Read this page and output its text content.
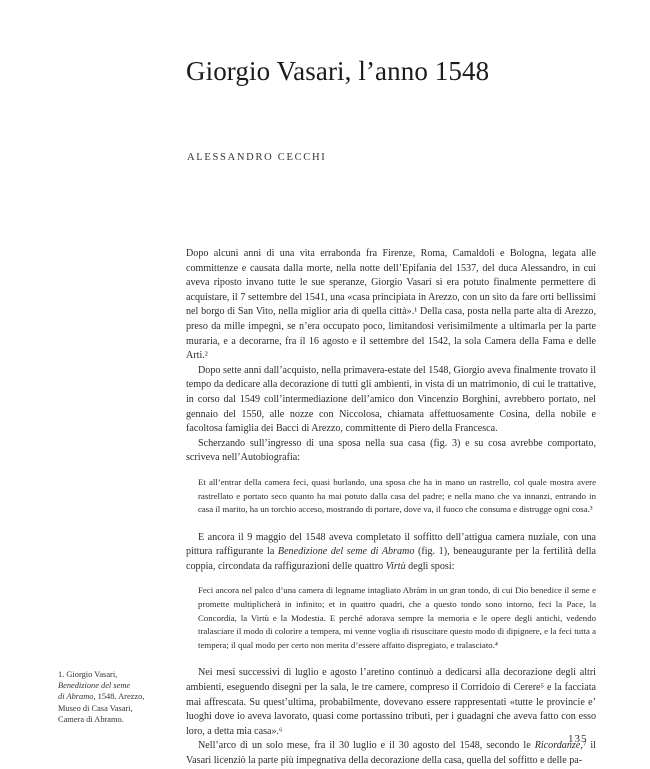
Giorgio Vasari, l’anno 1548
ALESSANDRO CECCHI

Dopo alcuni anni di una vita errabonda fra Firenze, Roma, Camaldoli e Bologna, legata alle committenze e causata dalla morte, nella notte dell’Epifania del 1537, del duca Alessandro, in cui aveva riposto invano tutte le sue speranze, Giorgio Vasari si era potuto finalmente permettere di acquistare, il 7 settembre del 1541, una «casa principiata in Arezzo, con un sito da fare orti bellissimi nel borgo di San Vito, nella miglior aria di quella città».¹ Della casa, posta nella parte alta di Arezzo, preso da mille impegni, se n’era occupato poco, limitandosi verisimilmente a ultimarla per la parte muraria, e a decorarne, fra il 16 agosto e il settembre del 1542, la sola Camera della Fama e delle Arti.²

Dopo sette anni dall’acquisto, nella primavera-estate del 1548, Giorgio aveva finalmente trovato il tempo da dedicare alla decorazione di tutti gli ambienti, in vista di un matrimonio, di cui le trattative, in corso dal 1549 coll’intermediazione dell’amico don Vincenzio Borghini, avrebbero portato, nel gennaio del 1550, alle nozze con Niccolosa, chiamata affettuosamente Cosina, della nobile e facoltosa famiglia dei Bacci di Arezzo, committente di Piero della Francesca.

Scherzando sull’ingresso di una sposa nella sua casa (fig. 3) e su cosa avrebbe comportato, scriveva nell’Autobiografia:

Et all’entrar della camera feci, quasi burlando, una sposa che ha in mano un rastrello, col quale mostra avere rastrellato e portato seco quanto ha mai potuto dalla casa del padre; e nella mano che va innanzi, entrando in casa il marito, ha un torchio acceso, mostrando di portare, dove va, il fuoco che consuma e distrugge ogni cosa.³

E ancora il 9 maggio del 1548 aveva completato il soffitto dell’attigua camera nuziale, con una pittura raffigurante la Benedizione del seme di Abramo (fig. 1), beneaugurante per la fertilità della coppia, circondata da raffigurazioni delle quattro Virtù degli sposi:

Feci ancora nel palco d’una camera di legname intagliato Abràm in un gran tondo, di cui Dio benedice il seme e promette multiplicherà in infinito; et in quattro quadri, che a questo tondo sono intorno, feci la Pace, la Concordia, la Virtù e la Modestia. E perché adorava sempre la memoria e le opere degli antichi, vedendo tralasciare il modo di colorire a tempera, mi venne voglia di risuscitare questo modo di dipignere, e la feci tutta a tempera; il qual modo per certo non merita d’essere affatto dispregiato, e tralasciato.⁴

Nei mesi successivi di luglio e agosto l’aretino continuò a dedicarsi alla decorazione degli altri ambienti, eseguendo disegni per la sala, le tre camere, compreso il Corridoio di Cerere⁵ e la facciata mai affrescata. Su quest’ultima, probabilmente, dovevano essere rappresentati «tutte le provincie e’ luoghi dove io aveva lavorato, quasi come portassino tributi, per i guadagni che aveva fatto con esso loro, a detta mia casa».⁶

Nell’arco di un solo mese, fra il 30 luglio e il 30 agosto del 1548, secondo le Ricordanze,⁷ il Vasari licenziò la parte più impegnativa della decorazione della casa, quella del soffitto e delle pa-

1. Giorgio Vasari,
Benedizione del seme
di Abramo, 1548. Arezzo,
Museo di Casa Vasari,
Camera di Abramo.
135
